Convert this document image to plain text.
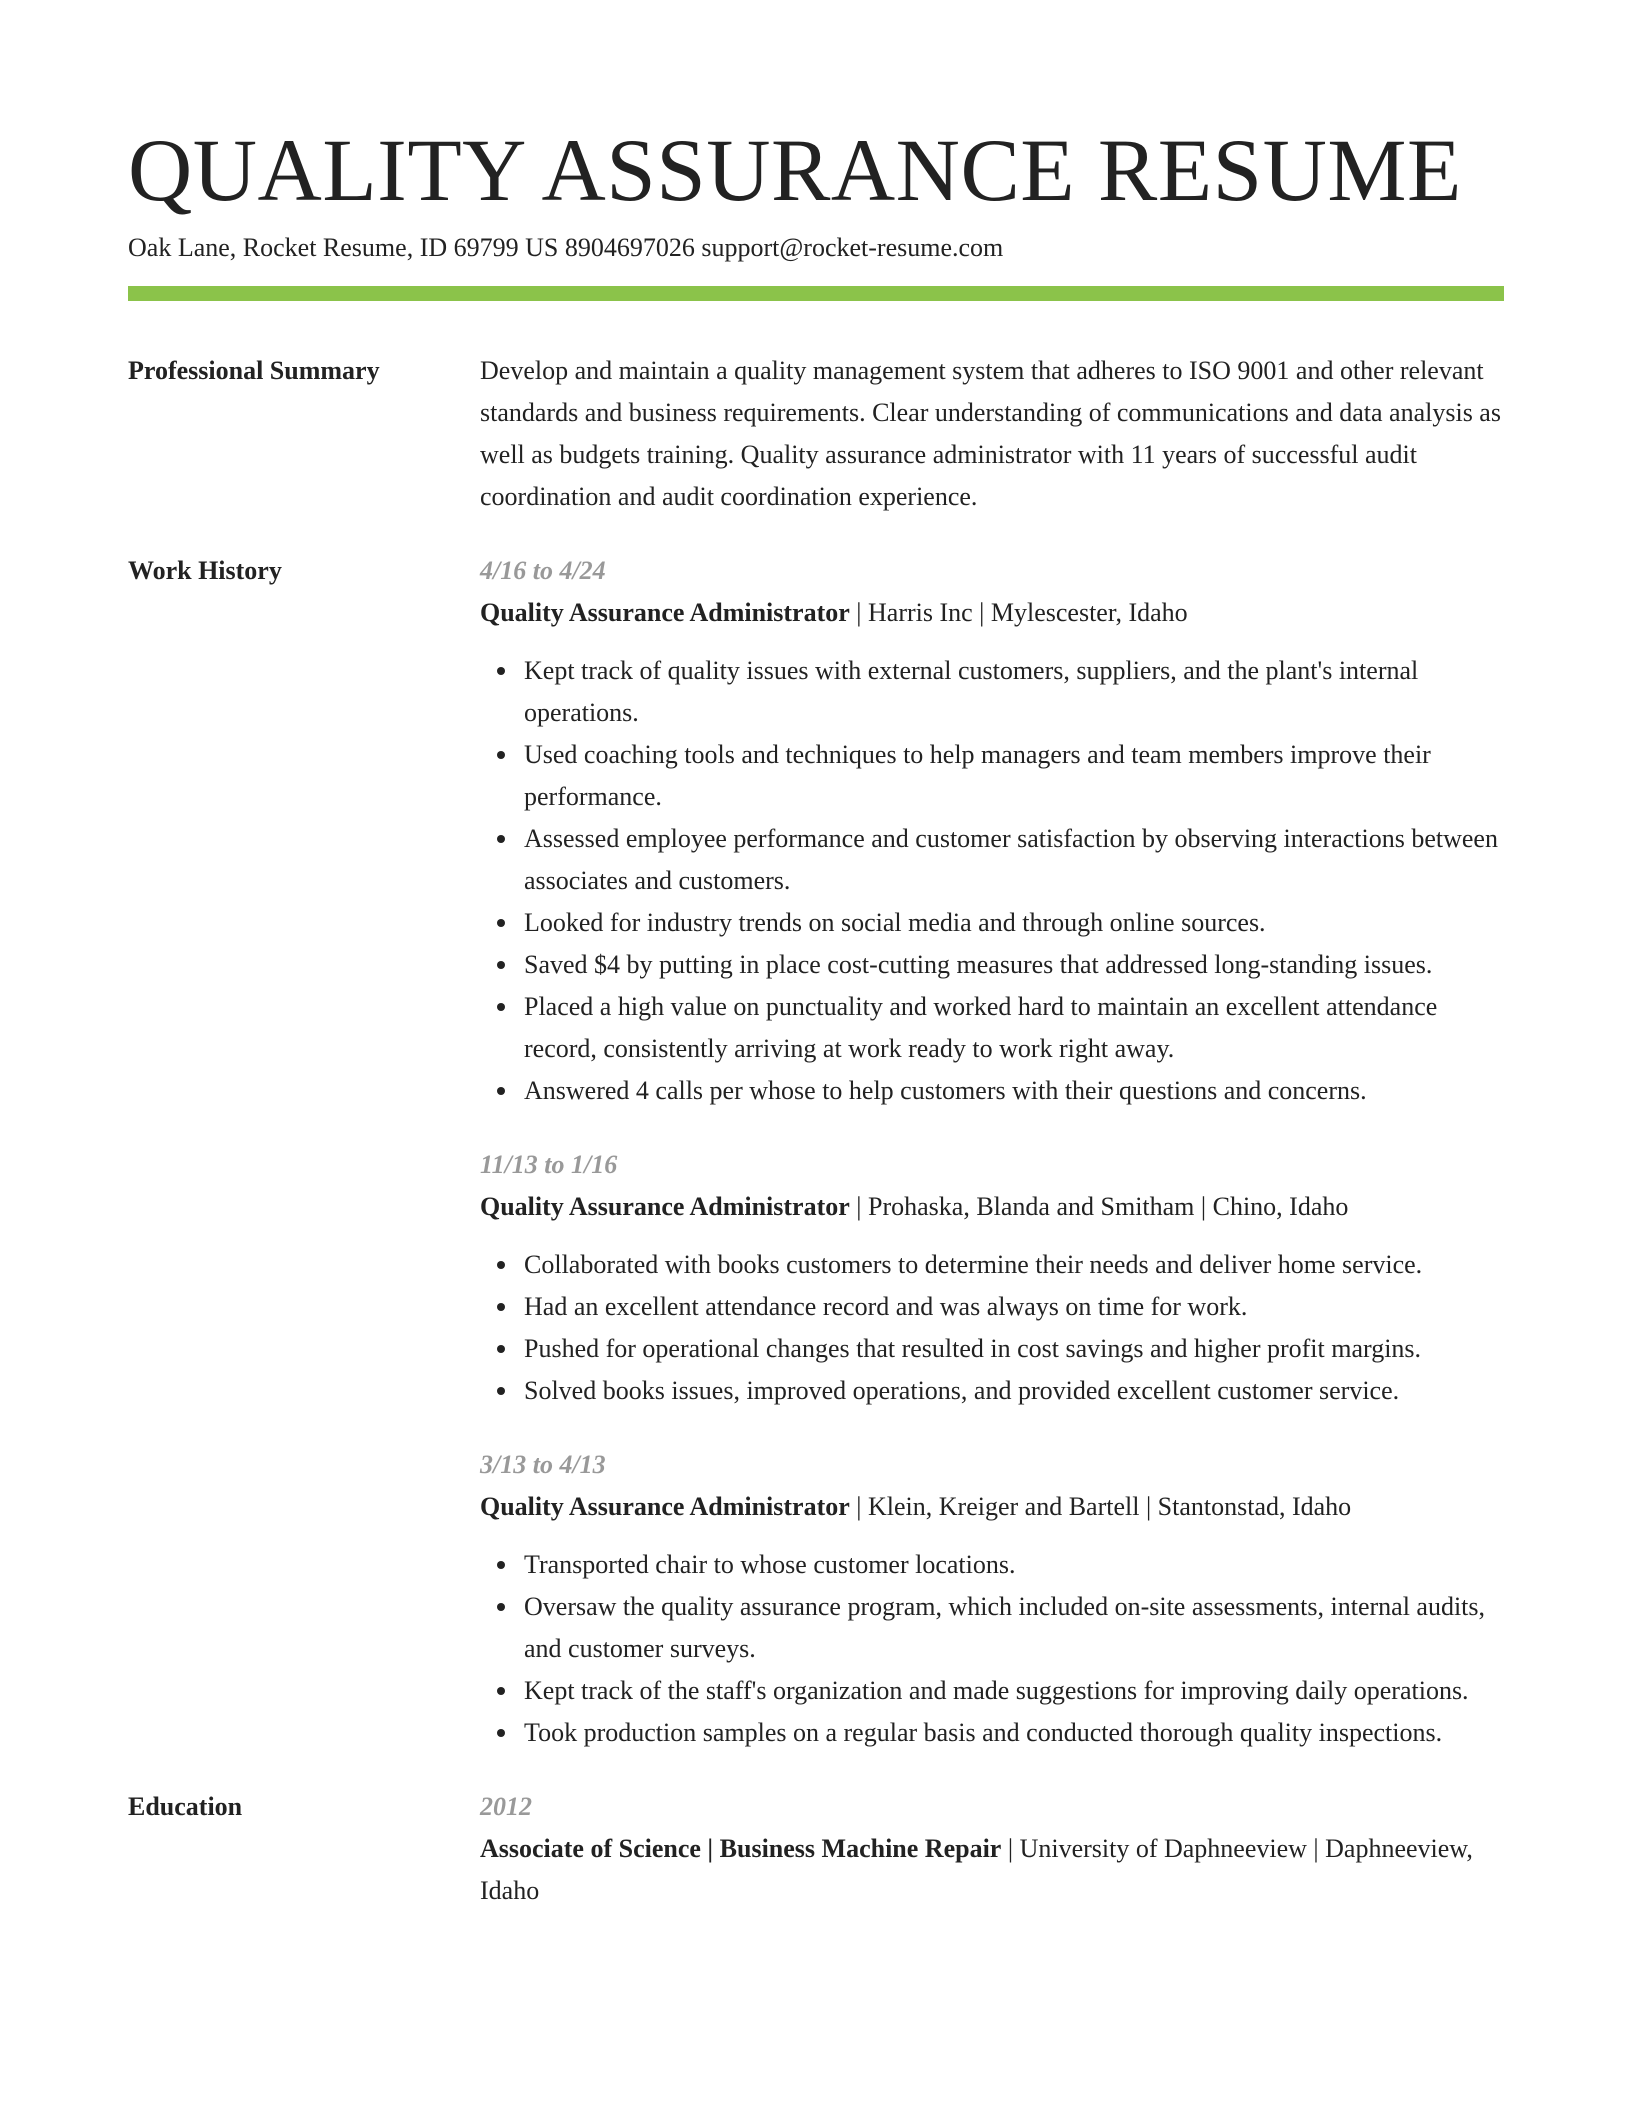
QUALITY ASSURANCE RESUME
Oak Lane, Rocket Resume, ID 69799 US 8904697026 support@rocket-resume.com
Professional Summary	Develop and maintain a quality management system that adheres to ISO 9001 and other relevant standards and business requirements. Clear understanding of communications and data analysis as well as budgets training. Quality assurance administrator with 11 years of successful audit coordination and audit coordination experience.

Work History	4/16 to 4/24
Quality Assurance Administrator | Harris Inc | Mylescester, Idaho
Kept track of quality issues with external customers, suppliers, and the plant's internal operations.
Used coaching tools and techniques to help managers and team members improve their performance.
Assessed employee performance and customer satisfaction by observing interactions between associates and customers.
Looked for industry trends on social media and through online sources.
Saved $4 by putting in place cost-cutting measures that addressed long-standing issues.
Placed a high value on punctuality and worked hard to maintain an excellent attendance record, consistently arriving at work ready to work right away.
Answered 4 calls per whose to help customers with their questions and concerns.
11/13 to 1/16
Quality Assurance Administrator | Prohaska, Blanda and Smitham | Chino, Idaho
Collaborated with books customers to determine their needs and deliver home service.
Had an excellent attendance record and was always on time for work.
Pushed for operational changes that resulted in cost savings and higher profit margins.
Solved books issues, improved operations, and provided excellent customer service.
3/13 to 4/13
Quality Assurance Administrator | Klein, Kreiger and Bartell | Stantonstad, Idaho
Transported chair to whose customer locations.
Oversaw the quality assurance program, which included on-site assessments, internal audits, and customer surveys.
Kept track of the staff's organization and made suggestions for improving daily operations.
Took production samples on a regular basis and conducted thorough quality inspections.
Education	2012
Associate of Science | Business Machine Repair | University of Daphneeview | Daphneeview, Idaho
